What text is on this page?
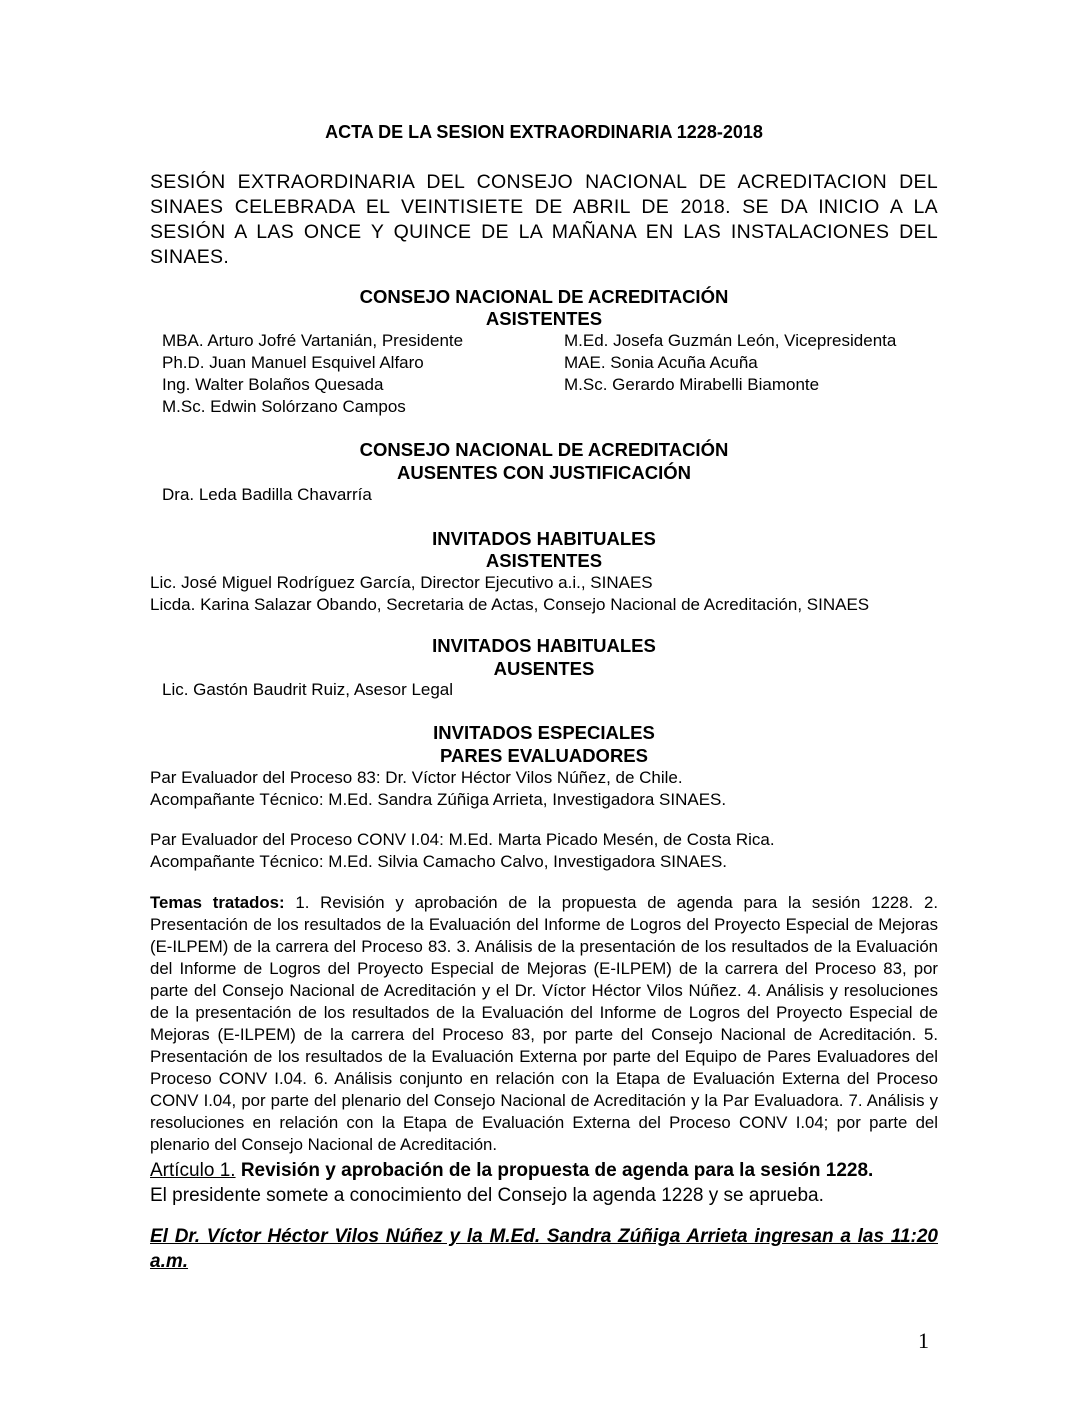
ACTA DE LA SESION EXTRAORDINARIA 1228-2018
SESIÓN EXTRAORDINARIA DEL CONSEJO NACIONAL DE ACREDITACION DEL SINAES CELEBRADA EL VEINTISIETE DE ABRIL DE 2018. SE DA INICIO A LA SESIÓN A LAS ONCE Y QUINCE DE LA MAÑANA EN LAS INSTALACIONES DEL SINAES.
CONSEJO NACIONAL DE ACREDITACIÓN
ASISTENTES
MBA. Arturo Jofré Vartanián, Presidente
Ph.D. Juan Manuel Esquivel Alfaro
Ing. Walter Bolaños Quesada
M.Sc. Edwin Solórzano Campos
M.Ed. Josefa Guzmán León, Vicepresidenta
MAE. Sonia Acuña Acuña
M.Sc. Gerardo Mirabelli Biamonte
CONSEJO NACIONAL DE ACREDITACIÓN
AUSENTES CON JUSTIFICACIÓN
Dra. Leda Badilla Chavarría
INVITADOS HABITUALES
ASISTENTES
Lic. José Miguel Rodríguez García, Director Ejecutivo a.i., SINAES
Licda. Karina Salazar Obando, Secretaria de Actas, Consejo Nacional de Acreditación, SINAES
INVITADOS HABITUALES
AUSENTES
Lic. Gastón Baudrit Ruiz, Asesor Legal
INVITADOS ESPECIALES
PARES EVALUADORES
Par Evaluador del Proceso 83: Dr. Víctor Héctor Vilos Núñez, de Chile.
Acompañante Técnico: M.Ed. Sandra Zúñiga Arrieta, Investigadora SINAES.
Par Evaluador del Proceso CONV I.04: M.Ed. Marta Picado Mesén, de Costa Rica.
Acompañante Técnico: M.Ed. Silvia Camacho Calvo, Investigadora SINAES.
Temas tratados: 1. Revisión y aprobación de la propuesta de agenda para la sesión 1228. 2. Presentación de los resultados de la Evaluación del Informe de Logros del Proyecto Especial de Mejoras (E-ILPEM) de la carrera del Proceso 83. 3. Análisis de la presentación de los resultados de la Evaluación del Informe de Logros del Proyecto Especial de Mejoras (E-ILPEM) de la carrera del Proceso 83, por parte del Consejo Nacional de Acreditación y el Dr. Víctor Héctor Vilos Núñez. 4. Análisis y resoluciones de la presentación de los resultados de la Evaluación del Informe de Logros del Proyecto Especial de Mejoras (E-ILPEM) de la carrera del Proceso 83, por parte del Consejo Nacional de Acreditación. 5. Presentación de los resultados de la Evaluación Externa por parte del Equipo de Pares Evaluadores del Proceso CONV I.04. 6. Análisis conjunto en relación con la Etapa de Evaluación Externa del Proceso CONV I.04, por parte del plenario del Consejo Nacional de Acreditación y la Par Evaluadora. 7. Análisis y resoluciones en relación con la Etapa de Evaluación Externa del Proceso CONV I.04; por parte del plenario del Consejo Nacional de Acreditación.
Artículo 1. Revisión y aprobación de la propuesta de agenda para la sesión 1228.
El presidente somete a conocimiento del Consejo la agenda 1228 y se aprueba.
El Dr. Víctor Héctor Vilos Núñez y la M.Ed. Sandra Zúñiga Arrieta ingresan a las 11:20 a.m.
1
